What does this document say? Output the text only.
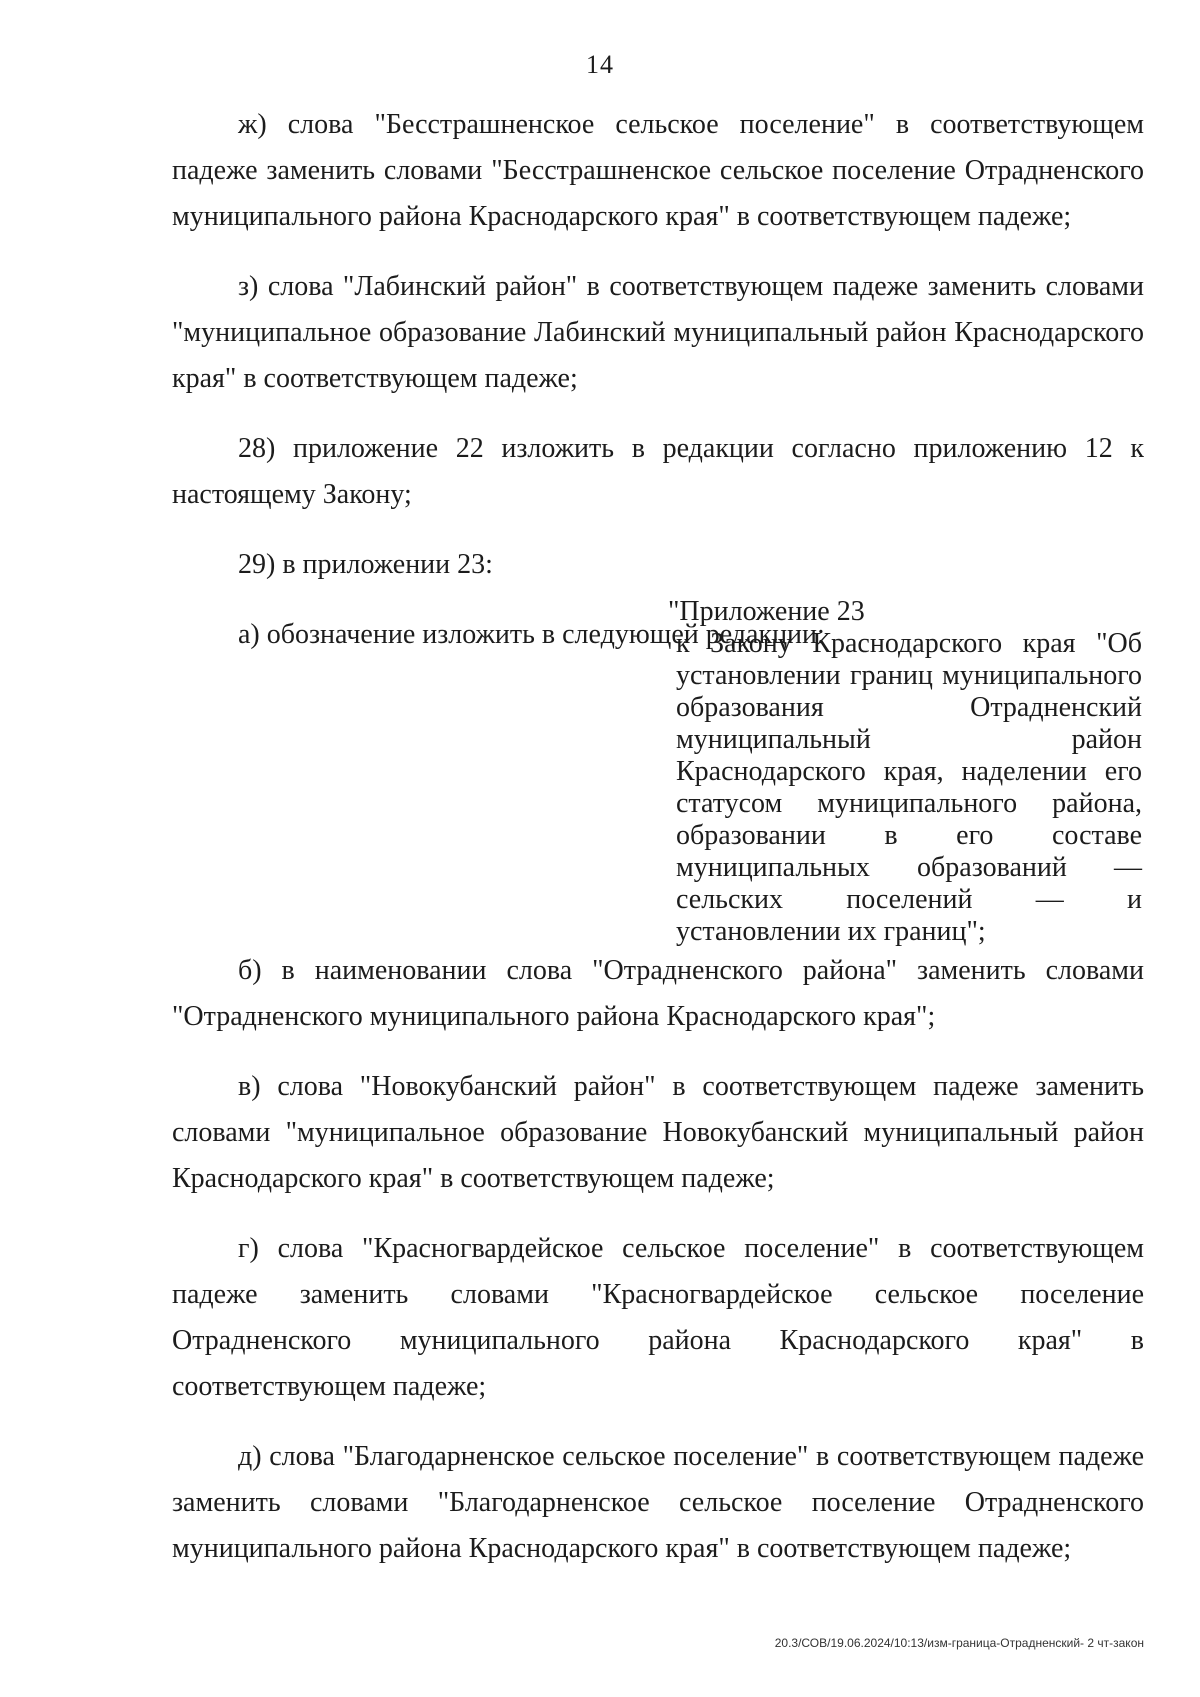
14

ж) слова "Бесстрашненское сельское поселение" в соответствующем падеже заменить словами "Бесстрашненское сельское поселение Отрадненского муниципального района Краснодарского края" в соответствующем падеже;

з) слова "Лабинский район" в соответствующем падеже заменить словами "муниципальное образование Лабинский муниципальный район Краснодарского края" в соответствующем падеже;

28) приложение 22 изложить в редакции согласно приложению 12 к настоящему Закону;

29) в приложении 23:

а) обозначение изложить в следующей редакции:

"Приложение 23
к Закону Краснодарского края "Об установлении границ муниципального образования Отрадненский муниципальный район Краснодарского края, наделении его статусом муниципального района, образовании в его составе муниципальных образований — сельских поселений — и установлении их границ";

б) в наименовании слова "Отрадненского района" заменить словами "Отрадненского муниципального района Краснодарского края";

в) слова "Новокубанский район" в соответствующем падеже заменить словами "муниципальное образование Новокубанский муниципальный район Краснодарского края" в соответствующем падеже;

г) слова "Красногвардейское сельское поселение" в соответствующем падеже заменить словами "Красногвардейское сельское поселение Отрадненского муниципального района Краснодарского края" в соответствующем падеже;

д) слова "Благодарненское сельское поселение" в соответствующем падеже заменить словами "Благодарненское сельское поселение Отрадненского муниципального района Краснодарского края" в соответствующем падеже;

20.3/СОВ/19.06.2024/10:13/изм-граница-Отрадненский- 2 чт-закон
